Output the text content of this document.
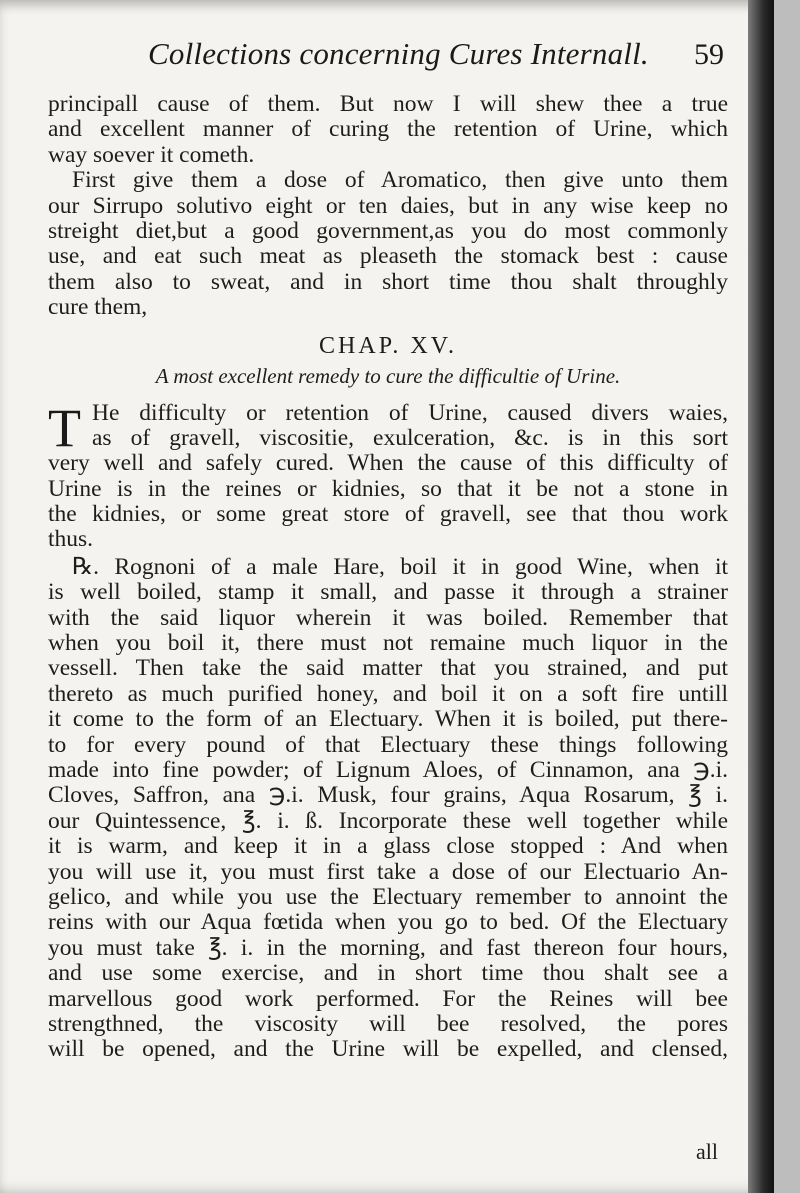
Collections concerning Cures Internall. 59
principall cause of them. But now I will shew thee a true
and excellent manner of curing the retention of Urine, which
way soever it cometh.
First give them a dose of Aromatico, then give unto them
our Sirrupo solutivo eight or ten daies, but in any wise keep no
streight diet,but a good government,as you do most commonly
use, and eat such meat as pleaseth the stomack best : cause
them also to sweat, and in short time thou shalt throughly
cure them,
CHAP. XV.
A most excellent remedy to cure the difficultie of Urine.
T He difficulty or retention of Urine, caused divers waies,
as of gravell, viscositie, exulceration, &c. is in this sort
very well and safely cured. When the cause of this difficulty of
Urine is in the reines or kidnies, so that it be not a stone in
the kidnies, or some great store of gravell, see that thou work
thus.
℞. Rognoni of a male Hare, boil it in good Wine, when it
is well boiled, stamp it small, and passe it through a strainer
with the said liquor wherein it was boiled. Remember that
when you boil it, there must not remaine much liquor in the
vessell. Then take the said matter that you strained, and put
thereto as much purified honey, and boil it on a soft fire untill
it come to the form of an Electuary. When it is boiled, put there-
to for every pound of that Electuary these things following
made into fine powder; of Lignum Aloes, of Cinnamon, ana ℈.i.
Cloves, Saffron, ana ℈.i. Musk, four grains, Aqua Rosarum, ℥ i.
our Quintessence, ℥. i. ß. Incorporate these well together while
it is warm, and keep it in a glass close stopped : And when
you will use it, you must first take a dose of our Electuario An-
gelico, and while you use the Electuary remember to annoint the
reins with our Aqua fœtida when you go to bed. Of the Electuary
you must take ℥. i. in the morning, and fast thereon four hours,
and use some exercise, and in short time thou shalt see a
marvellous good work performed. For the Reines will bee
strengthned, the viscosity will bee resolved, the pores
will be opened, and the Urine will be expelled, and clensed,
all
